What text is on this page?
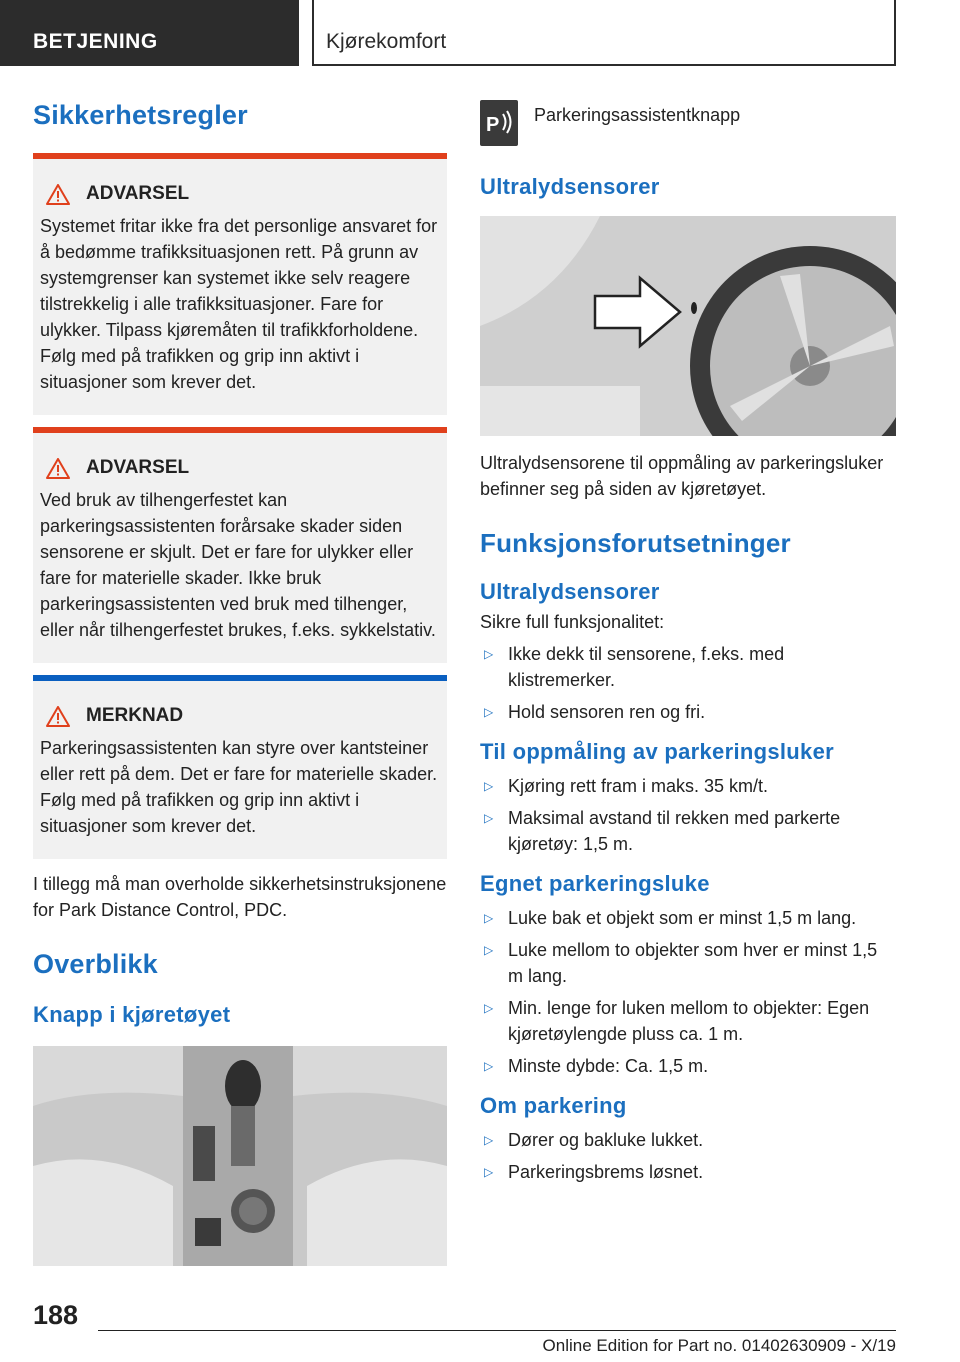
BETJENING	Kjørekomfort
Sikkerhetsregler
ADVARSEL

Systemet fritar ikke fra det personlige ansvaret for å bedømme trafikksituasjonen rett. På grunn av systemgrenser kan systemet ikke selv reagere tilstrekkelig i alle trafikksituasjoner. Fare for ulykker. Tilpass kjøremåten til trafikkforholdene. Følg med på trafikken og grip inn aktivt i situasjoner som krever det.

ADVARSEL

Ved bruk av tilhengerfestet kan parkeringsassistenten forårsake skader siden sensorene er skjult. Det er fare for ulykker eller fare for materielle skader. Ikke bruk parkeringsassistenten ved bruk med tilhenger, eller når tilhengerfestet brukes, f.eks. sykkelstativ.

MERKNAD

Parkeringsassistenten kan styre over kantsteiner eller rett på dem. Det er fare for materielle skader. Følg med på trafikken og grip inn aktivt i situasjoner som krever det.

I tillegg må man overholde sikkerhetsinstruksjonene for Park Distance Control, PDC.

Overblikk
Knapp i kjøretøyet
P Parkeringsassistentknapp
Ultralydsensorer

Ultralydsensorene til oppmåling av parkeringsluker befinner seg på siden av kjøretøyet.

Funksjonsforutsetninger
Ultralydsensorer

Sikre full funksjonalitet:

▷ Ikke dekk til sensorene, f.eks. med klistremerker.
▷ Hold sensoren ren og fri.
Til oppmåling av parkeringsluker
▷ Kjøring rett fram i maks. 35 km/t.
▷ Maksimal avstand til rekken med parkerte kjøretøy: 1,5 m.
Egnet parkeringsluke
▷ Luke bak et objekt som er minst 1,5 m lang.
▷ Luke mellom to objekter som hver er minst 1,5 m lang.
▷ Min. lenge for luken mellom to objekter: Egen kjøretøylengde pluss ca. 1 m.
▷ Minste dybde: Ca. 1,5 m.
Om parkering
▷ Dører og bakluke lukket.
▷ Parkeringsbrems løsnet.
188
Online Edition for Part no. 01402630909 - X/19
